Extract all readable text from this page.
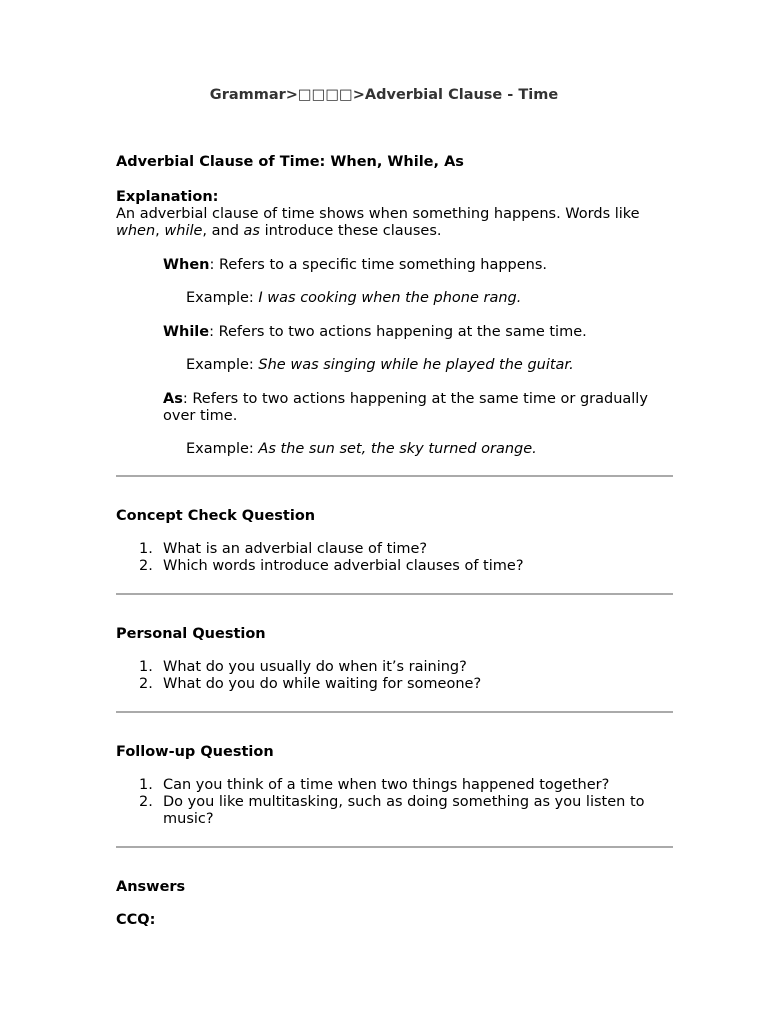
Grammar>□□□□>Adverbial Clause - Time

Adverbial Clause of Time: When, While, As

Explanation:

An adverbial clause of time shows when something happens. Words like when, while, and as introduce these clauses.

When: Refers to a specific time something happens.

Example: I was cooking when the phone rang.

While: Refers to two actions happening at the same time.

Example: She was singing while he played the guitar.

As: Refers to two actions happening at the same time or gradually over time.

Example: As the sun set, the sky turned orange.

Concept Check Question

1. What is an adverbial clause of time?
2. Which words introduce adverbial clauses of time?

Personal Question

1. What do you usually do when it’s raining?
2. What do you do while waiting for someone?

Follow-up Question

1. Can you think of a time when two things happened together?
2. Do you like multitasking, such as doing something as you listen to music?

Answers

CCQ:
